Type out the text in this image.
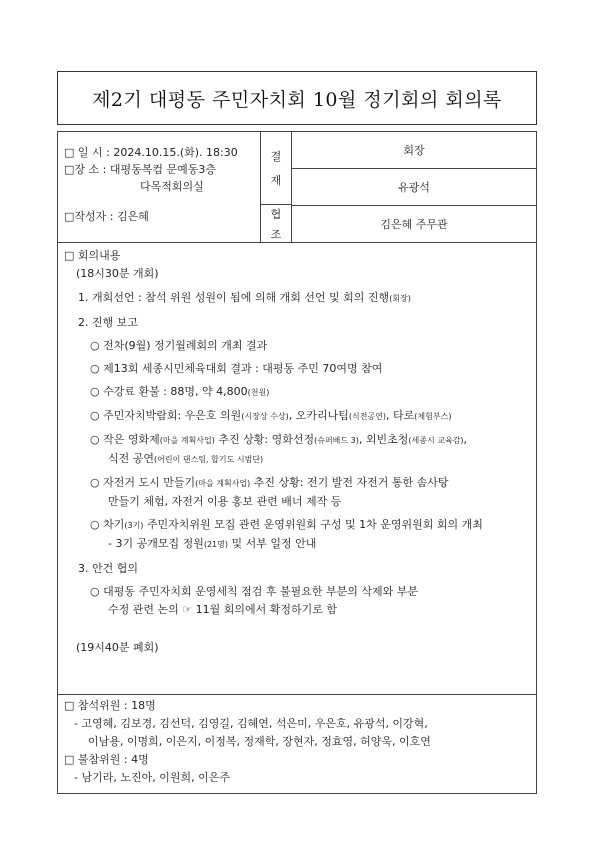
제2기 대평동 주민자치회 10월 정기회의 회의록
□ 일 시 : 2024.10.15.(화). 18:30
□장 소 : 대평동복컴 문예동3층
다목적회의실
□작성자 : 김은혜
결
재
협
조
회장
유광석
김은혜 주무관
□ 회의내용
(18시30분 개회)
1. 개회선언 : 참석 위원 성원이 됨에 의해 개회 선언 및 회의 진행(회장)
2. 진행 보고
○ 전차(9월) 정기월례회의 개최 결과
○ 제13회 세종시민체육대회 결과 : 대평동 주민 70여명 참여
○ 수강료 환불 : 88명, 약 4,800(천원)
○ 주민자치박람회: 우은호 의원(시장상 수상), 오카리나팀(식전공연), 타로(체험부스)
○ 작은 영화제(마을 계획사업) 추진 상황: 영화선정(슈퍼배드 3), 외빈초청(세종시 교육감),
식전 공연(어린이 댄스팀, 합기도 시범단)
○ 자전거 도시 만들기(마을 계획사업) 추진 상황: 전기 발전 자전거 통한 솜사탕
만들기 체험, 자전거 이용 홍보 관련 배너 제작 등
○ 차기(3기) 주민자치위원 모집 관련 운영위원회 구성 및 1차 운영위원회 회의 개최
- 3기 공개모집 정원(21명) 및 서부 일정 안내
3. 안건 협의
○ 대평동 주민자치회 운영세칙 점검 후 불필요한 부분의 삭제와 부분
수정 관련 논의 ☞ 11월 회의에서 확정하기로 함
(19시40분 폐회)
□ 참석위원 : 18명
- 고영혜, 김보경, 김선덕, 김영길, 김혜연, 석은미, 우은호, 유광석, 이강혁,
이남용, 이명희, 이은지, 이정복, 정재학, 장현자, 정효영, 허양욱, 이호연
□ 불참위원 : 4명
- 남기라, 노진아, 이원희, 이은주
